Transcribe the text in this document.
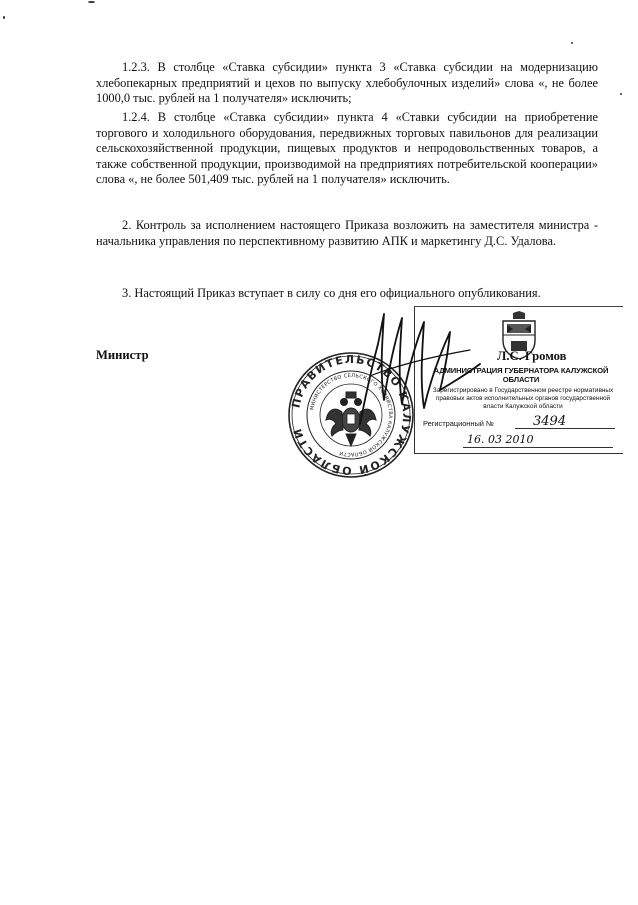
1.2.3. В столбце «Ставка субсидии» пункта 3 «Ставка субсидии на модернизацию хлебопекарных предприятий и цехов по выпуску хлебобулочных изделий» слова «, не более 1000,0 тыс. рублей на 1 получателя» исключить;

1.2.4. В столбце «Ставка субсидии» пункта 4 «Ставки субсидии на приобретение торгового и холодильного оборудования, передвижных торговых павильонов для реализации сельскохозяйственной продукции, пищевых продуктов и непродовольственных товаров, а также собственной продукции, производимой на предприятиях потребительской кооперации» слова «, не более 501,409 тыс. рублей на 1 получателя» исключить.

2. Контроль за исполнением настоящего Приказа возложить на заместителя министра - начальника управления по перспективному развитию АПК и маркетингу Д.С. Удалова.

3. Настоящий Приказ вступает в силу со дня его официального опубликования.

Министр
ПРАВИТЕЛЬСТВО КАЛУЖСКОЙ ОБЛАСТИ
МИНИСТЕРСТВО СЕЛЬСКОГО ХОЗЯЙСТВА КАЛУЖСКОЙ ОБЛАСТИ
АДМИНИСТРАЦИЯ ГУБЕРНАТОРА КАЛУЖСКОЙ ОБЛАСТИ
Зарегистрировано в Государственном реестре нормативных правовых актов исполнительных органов государственной власти Калужской области
Регистрационный №	3494
16. 03 2010
Л.С. Громов
